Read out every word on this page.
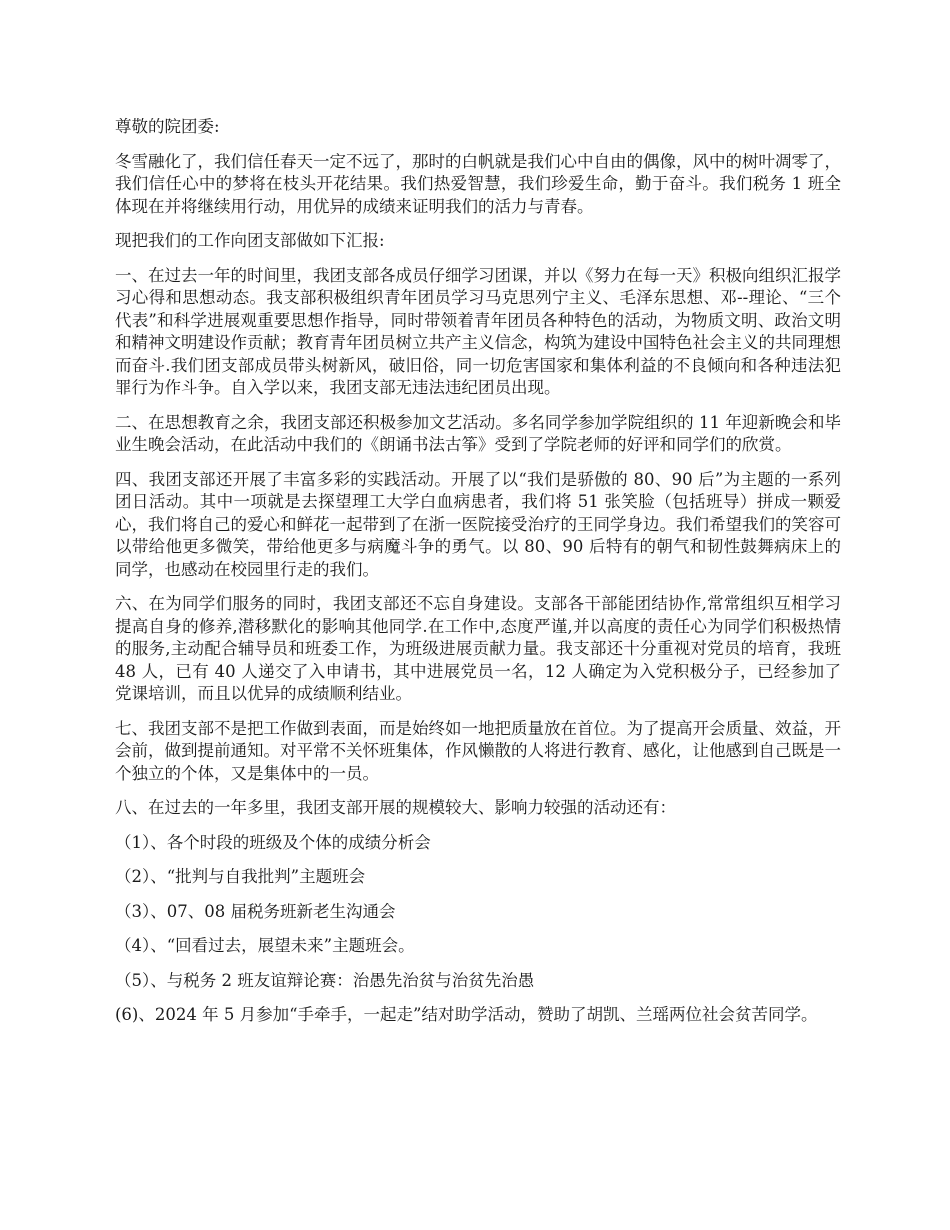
尊敬的院团委:

冬雪融化了，我们信任春天一定不远了，那时的白帆就是我们心中自由的偶像，风中的树叶凋零了，我们信任心中的梦将在枝头开花结果。我们热爱智慧，我们珍爱生命，勤于奋斗。我们税务 1 班全体现在并将继续用行动，用优异的成绩来证明我们的活力与青春。

现把我们的工作向团支部做如下汇报:

一、在过去一年的时间里，我团支部各成员仔细学习团课，并以《努力在每一天》积极向组织汇报学习心得和思想动态。我支部积极组织青年团员学习马克思列宁主义、毛泽东思想、邓--理论、“三个代表”和科学进展观重要思想作指导，同时带领着青年团员各种特色的活动，为物质文明、政治文明和精神文明建设作贡献；教育青年团员树立共产主义信念，构筑为建设中国特色社会主义的共同理想而奋斗.我们团支部成员带头树新风，破旧俗，同一切危害国家和集体利益的不良倾向和各种违法犯罪行为作斗争。自入学以来，我团支部无违法违纪团员出现。

二、在思想教育之余，我团支部还积极参加文艺活动。多名同学参加学院组织的 11 年迎新晚会和毕业生晚会活动，在此活动中我们的《朗诵书法古筝》受到了学院老师的好评和同学们的欣赏。

四、我团支部还开展了丰富多彩的实践活动。开展了以“我们是骄傲的 80、90 后”为主题的一系列团日活动。其中一项就是去探望理工大学白血病患者，我们将 51 张笑脸（包括班导）拼成一颗爱心，我们将自己的爱心和鲜花一起带到了在浙一医院接受治疗的王同学身边。我们希望我们的笑容可以带给他更多微笑，带给他更多与病魔斗争的勇气。以 80、90 后特有的朝气和韧性鼓舞病床上的同学，也感动在校园里行走的我们。

六、在为同学们服务的同时，我团支部还不忘自身建设。支部各干部能团结协作,常常组织互相学习提高自身的修养,潜移默化的影响其他同学.在工作中,态度严谨,并以高度的责任心为同学们积极热情的服务,主动配合辅导员和班委工作，为班级进展贡献力量。我支部还十分重视对党员的培育，我班 48 人，已有 40 人递交了入申请书，其中进展党员一名，12 人确定为入党积极分子，已经参加了党课培训，而且以优异的成绩顺利结业。

七、我团支部不是把工作做到表面，而是始终如一地把质量放在首位。为了提高开会质量、效益，开会前，做到提前通知。对平常不关怀班集体，作风懒散的人将进行教育、感化，让他感到自己既是一个独立的个体，又是集体中的一员。

八、在过去的一年多里，我团支部开展的规模较大、影响力较强的活动还有：

（1）、各个时段的班级及个体的成绩分析会

（2）、“批判与自我批判”主题班会

（3）、07、08 届税务班新老生沟通会

（4）、“回看过去，展望未来”主题班会。

（5）、与税务 2 班友谊辩论赛：治愚先治贫与治贫先治愚

(6)、2024 年 5 月参加“手牵手，一起走”结对助学活动，赞助了胡凯、兰瑶两位社会贫苦同学。
